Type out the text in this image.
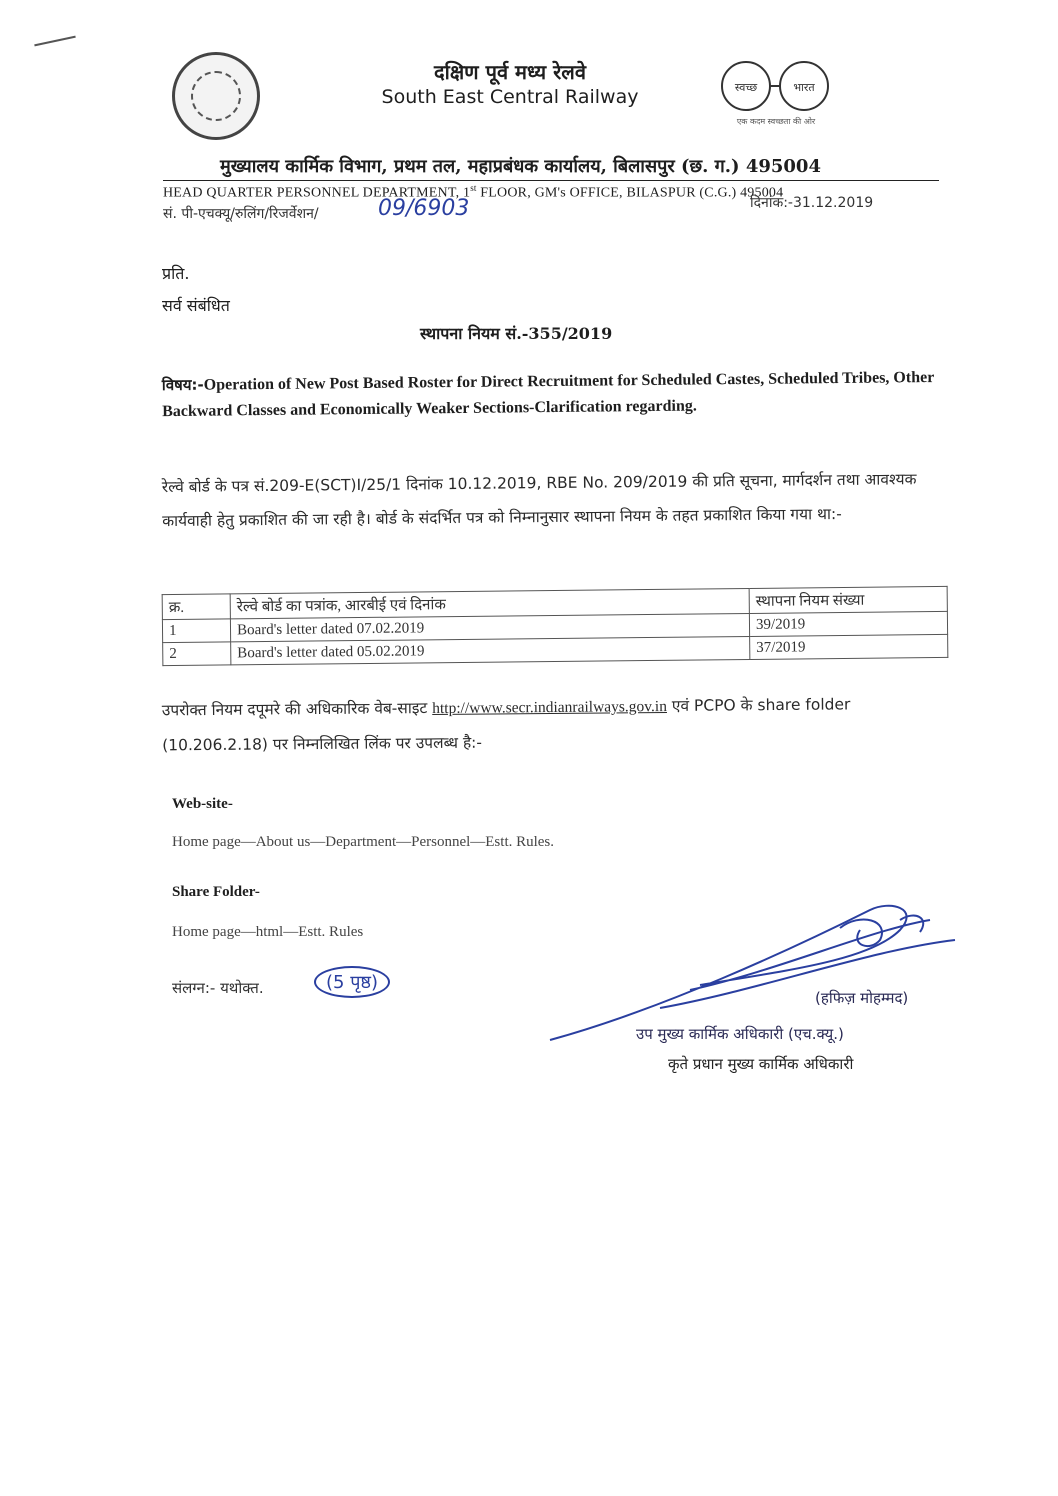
दक्षिण पूर्व मध्य रेलवे
South East Central Railway	स्वच्छ	भारत
एक कदम स्वच्छता की ओर
मुख्यालय कार्मिक विभाग, प्रथम तल, महाप्रबंधक कार्यालय, बिलासपुर (छ. ग.) 495004
HEAD QUARTER PERSONNEL DEPARTMENT, 1st FLOOR, GM's OFFICE, BILASPUR (C.G.) 495004
सं. पी-एचक्यू/रुलिंग/रिजर्वेशन/	09/6903	दिनांक:-31.12.2019
प्रति.
सर्व संबंधित
स्थापना नियम सं.-355/2019
विषय:-Operation of New Post Based Roster for Direct Recruitment for Scheduled Castes, Scheduled Tribes, Other Backward Classes and Economically Weaker Sections-Clarification regarding.
रेल्वे बोर्ड के पत्र सं.209-E(SCT)I/25/1 दिनांक 10.12.2019, RBE No. 209/2019 की प्रति सूचना, मार्गदर्शन तथा आवश्यक कार्यवाही हेतु प्रकाशित की जा रही है। बोर्ड के संदर्भित पत्र को निम्नानुसार स्थापना नियम के तहत प्रकाशित किया गया था:-
क्र.	रेल्वे बोर्ड का पत्रांक, आरबीई एवं दिनांक	स्थापना नियम संख्या
1	Board's letter dated 07.02.2019	39/2019
2	Board's letter dated 05.02.2019	37/2019
उपरोक्त नियम दपूमरे की अधिकारिक वेब-साइट http://www.secr.indianrailways.gov.in एवं PCPO के share folder (10.206.2.18) पर निम्नलिखित लिंक पर उपलब्ध है:-
Web-site-
Home page—About us—Department—Personnel—Estt. Rules.
Share Folder-
Home page—html—Estt. Rules
संलग्न:- यथोक्त.	(5 पृष्ठ)
(हफिज़ मोहम्मद)
उप मुख्य कार्मिक अधिकारी (एच.क्यू.)
कृते प्रधान मुख्य कार्मिक अधिकारी
